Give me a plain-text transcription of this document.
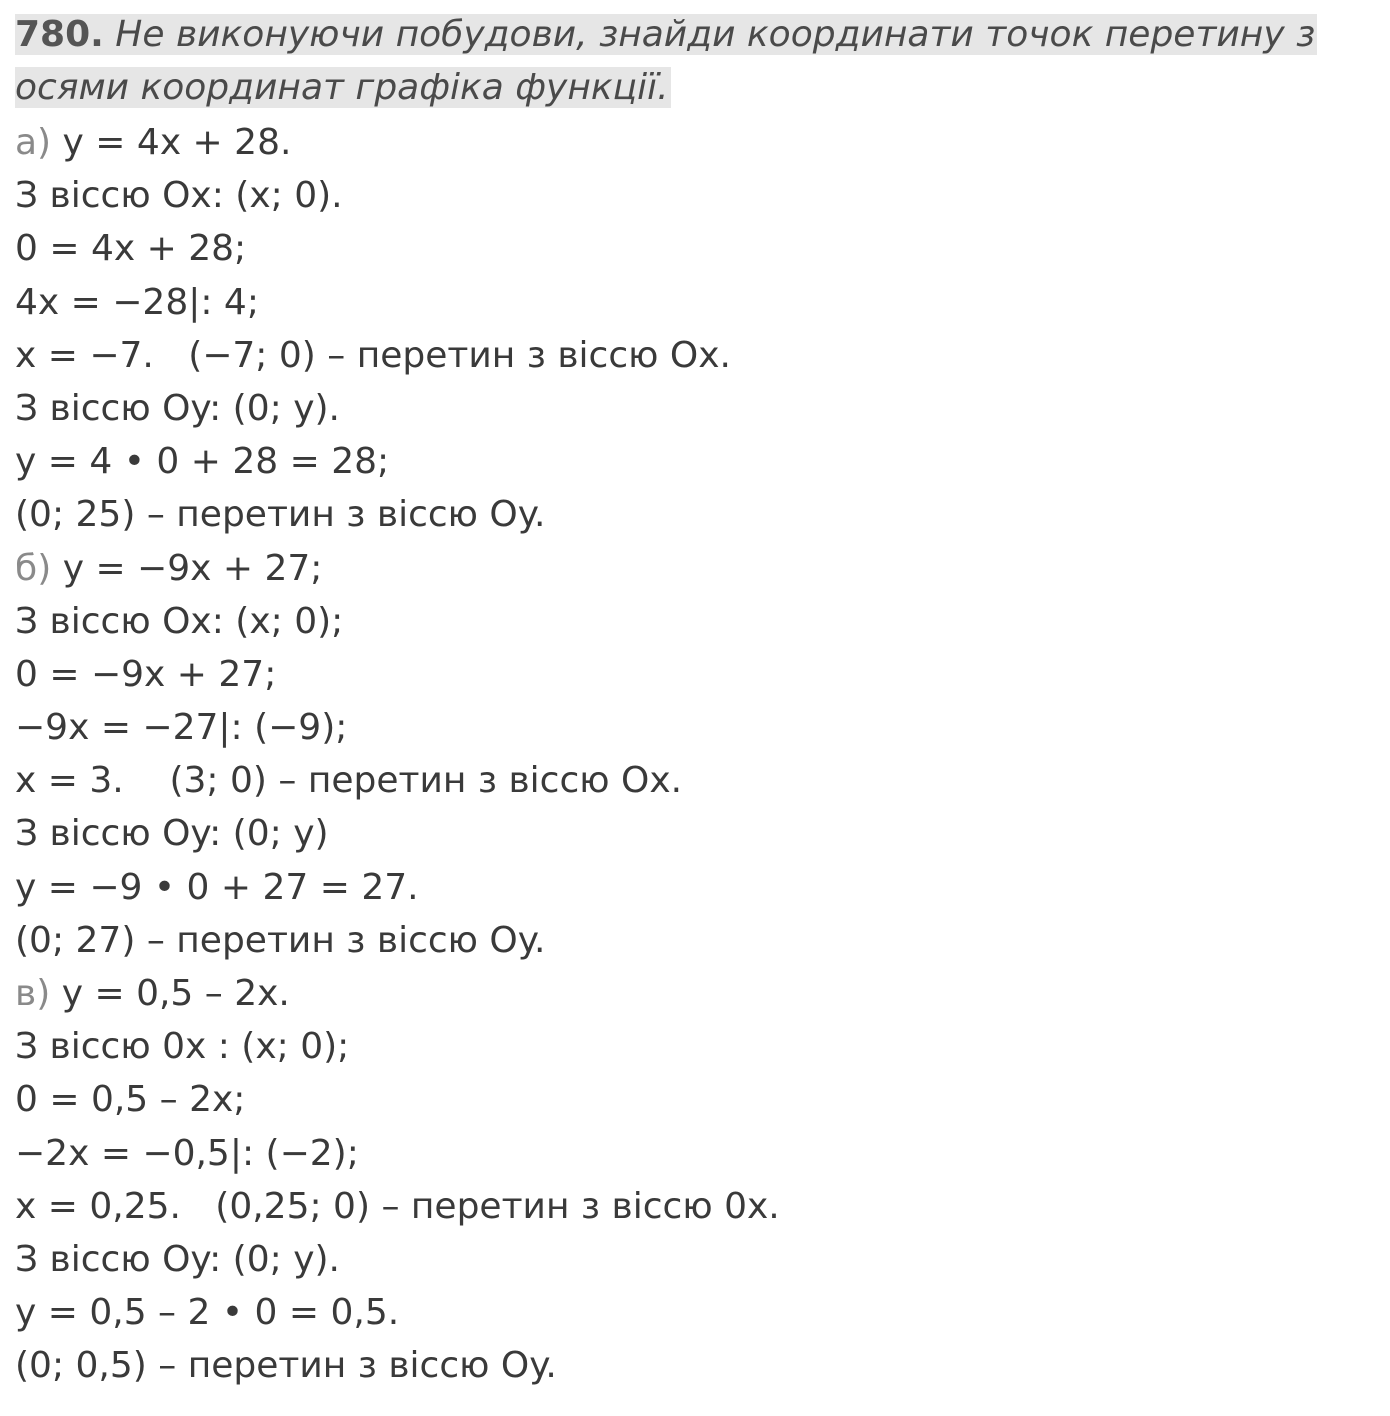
780. Не виконуючи побудови, знайди координати точок перетину з
осями координат графіка функції.
а) y = 4x + 28.
З віссю Ox: (x; 0).
0 = 4x + 28;
4x = −28|: 4;
x = −7.   (−7; 0) – перетин з віссю Ox.
З віссю Oy: (0; y).
y = 4 • 0 + 28 = 28;
(0; 25) – перетин з віссю Oy.
б) y = −9x + 27;
З віссю Ox: (x; 0);
0 = −9x + 27;
−9x = −27|: (−9);
x = 3.    (3; 0) – перетин з віссю Ox.
З віссю Oy: (0; y)
y = −9 • 0 + 27 = 27.
(0; 27) – перетин з віссю Oy.
в) y = 0,5 – 2x.
З віссю 0x : (x; 0);
0 = 0,5 – 2x;
−2x = −0,5|: (−2);
x = 0,25.   (0,25; 0) – перетин з віссю 0x.
З віссю Oy: (0; y).
y = 0,5 – 2 • 0 = 0,5.
(0; 0,5) – перетин з віссю Oy.
